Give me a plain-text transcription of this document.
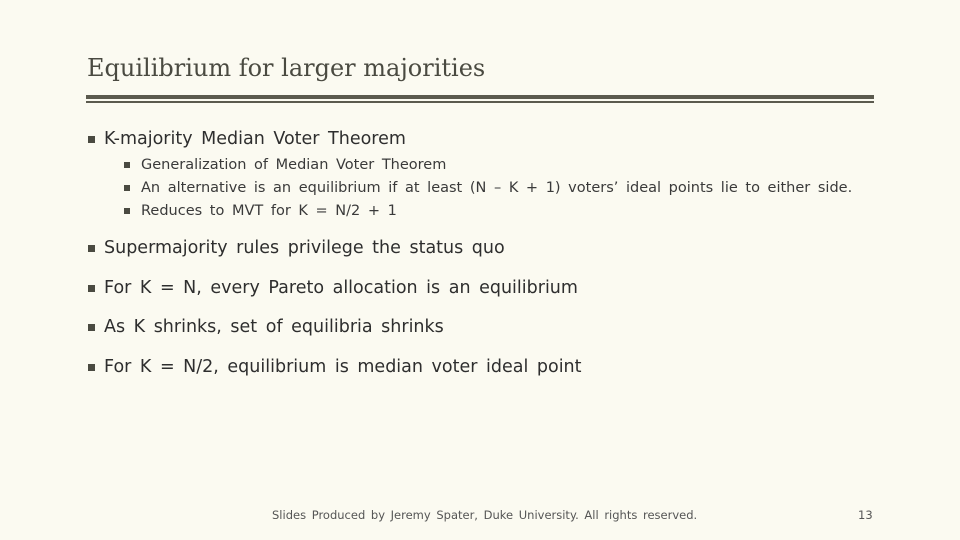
Equilibrium for larger majorities
K-majority Median Voter Theorem
Generalization of Median Voter Theorem
An alternative is an equilibrium if at least (N – K + 1) voters’ ideal points lie to either side.
Reduces to MVT for K = N/2 + 1
Supermajority rules privilege the status quo
For K = N, every Pareto allocation is an equilibrium
As K shrinks, set of equilibria shrinks
For K = N/2, equilibrium is median voter ideal point
Slides Produced by Jeremy Spater, Duke University. All rights reserved.	13
